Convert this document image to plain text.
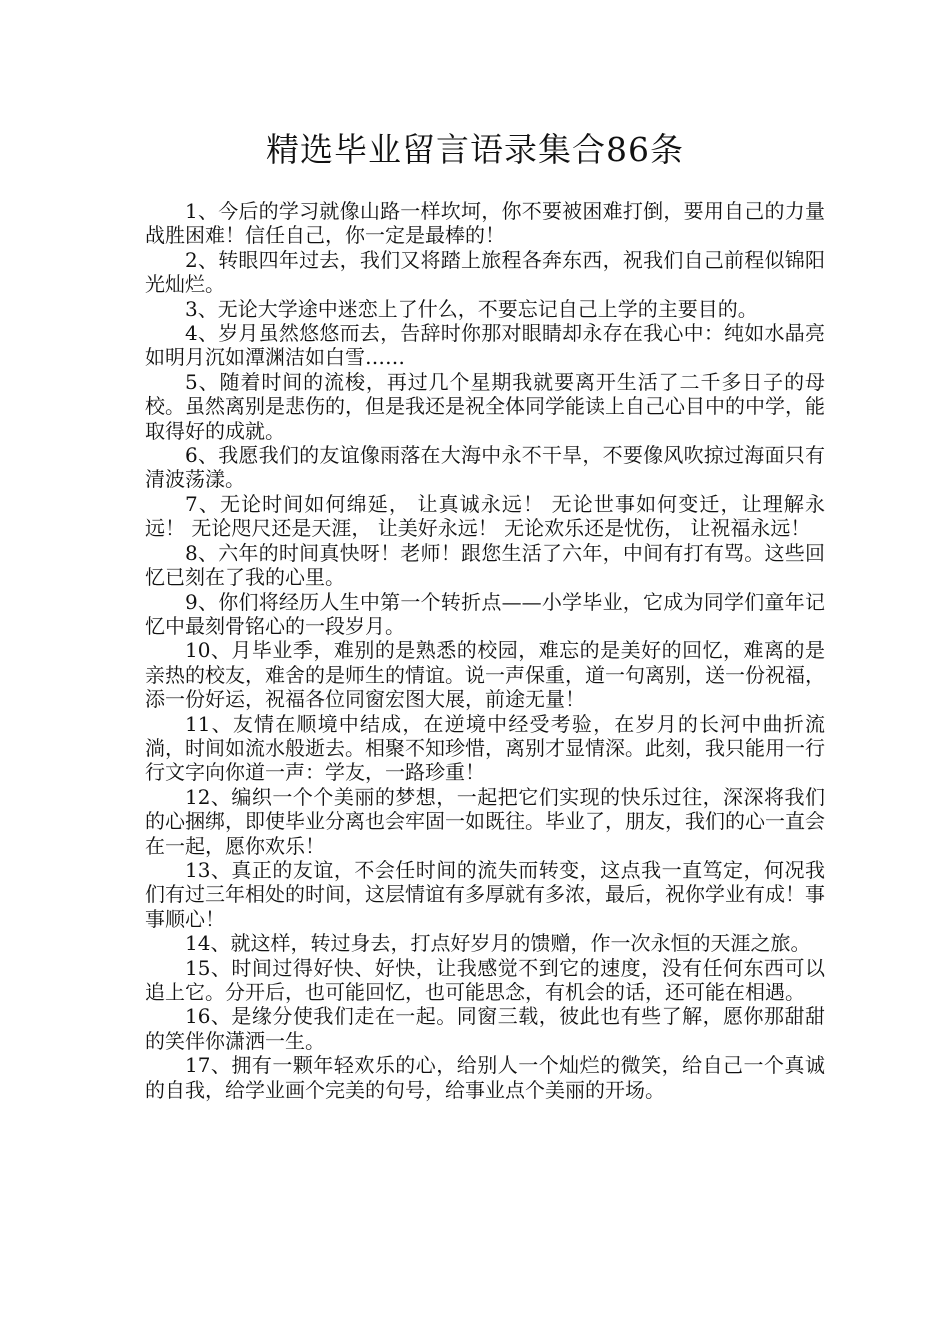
精选毕业留言语录集合86条

1、今后的学习就像山路一样坎坷，你不要被困难打倒，要用自己的力量战胜困难！信任自己，你一定是最棒的！

2、转眼四年过去，我们又将踏上旅程各奔东西，祝我们自己前程似锦阳光灿烂。

3、无论大学途中迷恋上了什么，不要忘记自己上学的主要目的。

4、岁月虽然悠悠而去，告辞时你那对眼睛却永存在我心中：纯如水晶亮如明月沉如潭渊洁如白雪……

5、随着时间的流梭，再过几个星期我就要离开生活了二千多日子的母校。虽然离别是悲伤的，但是我还是祝全体同学能读上自己心目中的中学，能取得好的成就。

6、我愿我们的友谊像雨落在大海中永不干旱，不要像风吹掠过海面只有清波荡漾。

7、无论时间如何绵延， 让真诚永远！ 无论世事如何变迁，让理解永远！ 无论咫尺还是天涯， 让美好永远！ 无论欢乐还是忧伤， 让祝福永远！

8、六年的时间真快呀！老师！跟您生活了六年，中间有打有骂。这些回忆已刻在了我的心里。

9、你们将经历人生中第一个转折点——小学毕业，它成为同学们童年记忆中最刻骨铭心的一段岁月。

10、月毕业季，难别的是熟悉的校园，难忘的是美好的回忆，难离的是亲热的校友，难舍的是师生的情谊。说一声保重，道一句离别，送一份祝福，添一份好运，祝福各位同窗宏图大展，前途无量！

11、友情在顺境中结成，在逆境中经受考验，在岁月的长河中曲折流淌，时间如流水般逝去。相聚不知珍惜，离别才显情深。此刻，我只能用一行行文字向你道一声：学友，一路珍重！

12、编织一个个美丽的梦想，一起把它们实现的快乐过往，深深将我们的心捆绑，即使毕业分离也会牢固一如既往。毕业了，朋友，我们的心一直会在一起，愿你欢乐！

13、真正的友谊，不会任时间的流失而转变，这点我一直笃定，何况我们有过三年相处的时间，这层情谊有多厚就有多浓，最后，祝你学业有成！事事顺心！

14、就这样，转过身去，打点好岁月的馈赠，作一次永恒的天涯之旅。

15、时间过得好快、好快，让我感觉不到它的速度，没有任何东西可以追上它。分开后，也可能回忆，也可能思念，有机会的话，还可能在相遇。

16、是缘分使我们走在一起。同窗三载，彼此也有些了解，愿你那甜甜的笑伴你潇洒一生。

17、拥有一颗年轻欢乐的心，给别人一个灿烂的微笑，给自己一个真诚的自我，给学业画个完美的句号，给事业点个美丽的开场。
